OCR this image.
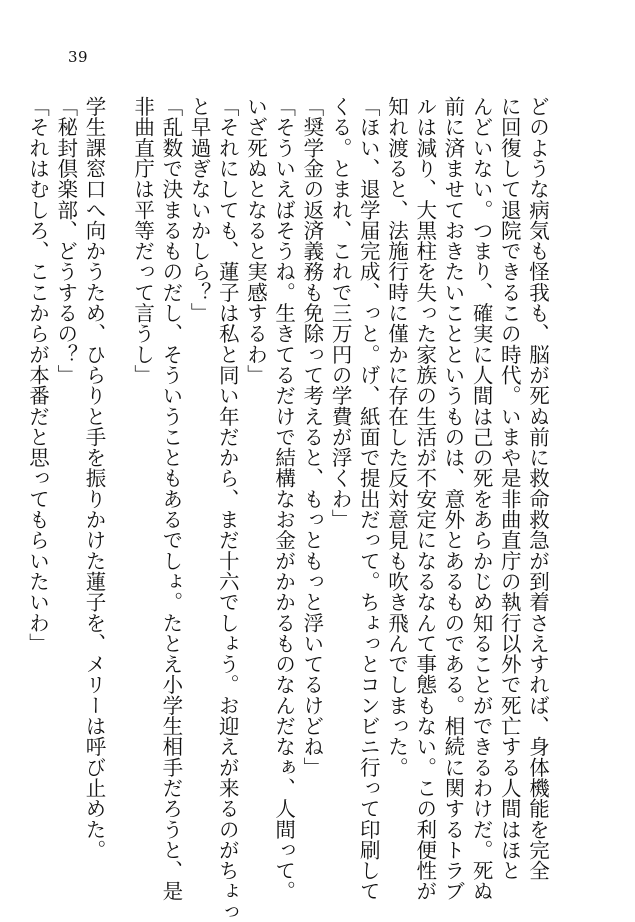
39
どのような病気も怪我も、脳が死ぬ前に救命救急が到着さえすれば、身体機能を完全
に回復して退院できるこの時代。いまや是非曲直庁の執行以外で死亡する人間はほと
んどいない。つまり、確実に人間は己の死をあらかじめ知ることができるわけだ。死ぬ
前に済ませておきたいことというものは、意外とあるものである。相続に関するトラブ
ルは減り、大黒柱を失った家族の生活が不安定になるなんて事態もない。この利便性が
知れ渡ると、法施行時に僅かに存在した反対意見も吹き飛んでしまった。
「ほい、退学届完成、っと。げ、紙面で提出だって。ちょっとコンビニ行って印刷して
くる。とまれ、これで三万円の学費が浮くわ」
「奨学金の返済義務も免除って考えると、もっともっと浮いてるけどね」
「そういえばそうね。生きてるだけで結構なお金がかかるものなんだなぁ、人間って。
いざ死ぬとなると実感するわ」
「それにしても、蓮子は私と同い年だから、まだ十六でしょう。お迎えが来るのがちょっ
と早過ぎないかしら？」
「乱数で決まるものだし、そういうこともあるでしょ。たとえ小学生相手だろうと、是
非曲直庁は平等だって言うし」
学生課窓口へ向かうため、ひらりと手を振りかけた蓮子を、メリーは呼び止めた。
「秘封倶楽部、どうするの？」
「それはむしろ、ここからが本番だと思ってもらいたいわ」
